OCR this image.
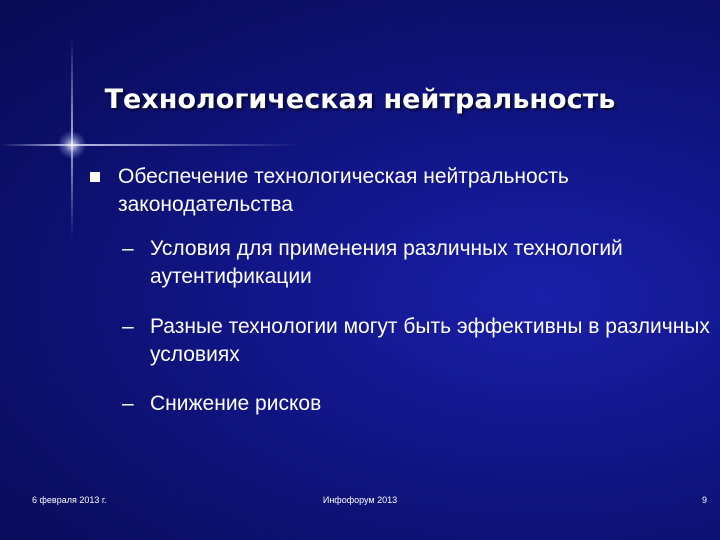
Технологическая нейтральность
Обеспечение технологическая нейтральность законодательства
– Условия для применения различных технологий аутентификации
– Разные технологии могут быть эффективны в различных условиях
– Снижение рисков
6 февраля 2013 г.	Инфофорум 2013	9
